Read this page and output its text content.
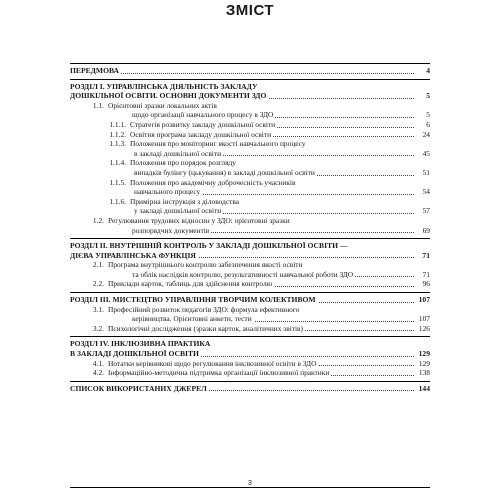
ЗМІСТ
ПЕРЕДМОВА	4
РОЗДІЛ I. УПРАВЛІНСЬКА ДІЯЛЬНІСТЬ ЗАКЛАДУ
ДОШКІЛЬНОЇ ОСВІТИ. ОСНОВНІ ДОКУМЕНТИ ЗДО	5
1.1. Орієнтовні зразки локальних актів
щодо організації навчального процесу в ЗДО	5
1.1.1. Стратегія розвитку закладу дошкільної освіти	6
1.1.2. Освітня програма закладу дошкільної освіти	24
1.1.3. Положення про моніторинг якості навчального процесу
в закладі дошкільної освіти	45
1.1.4. Положення про порядок розгляду
випадків булінгу (цькування) в закладі дошкільної освіти	51
1.1.5. Положення про академічну доброчесність учасників
навчального процесу	54
1.1.6. Примірна інструкція з діловодства
у закладі дошкільної освіти	57
1.2. Регулювання трудових відносин у ЗДО: орієнтовні зразки
розпорядчих документів	69
РОЗДІЛ II. ВНУТРІШНІЙ КОНТРОЛЬ У ЗАКЛАДІ ДОШКІЛЬНОЇ ОСВІТИ —
ДІЄВА УПРАВЛІНСЬКА ФУНКЦІЯ	71
2.1. Програма внутрішнього контролю забезпечення якості освіти
та облік наслідків контролю, результативності навчальної роботи ЗДО	71
2.2. Приклади карток, таблиць для здійснення контролю	96
РОЗДІЛ III. МИСТЕЦТВО УПРАВЛІННЯ ТВОРЧИМ КОЛЕКТИВОМ	107
3.1. Професійний розвиток педагогів ЗДО: формула ефективного
керівництва. Орієнтовні анкети, тести	107
3.2. Психологічні дослідження (зразки карток, аналітичних звітів)	126
РОЗДІЛ IV. ІНКЛЮЗИВНА ПРАКТИКА
В ЗАКЛАДІ ДОШКІЛЬНОЇ ОСВІТИ	129
4.1. Нотатки керівникові щодо регулювання інклюзивної освіти в ЗДО	129
4.2. Інформаційно-методична підтримка організації інклюзивної практики	138
СПИСОК ВИКОРИСТАНИХ ДЖЕРЕЛ	144
3
